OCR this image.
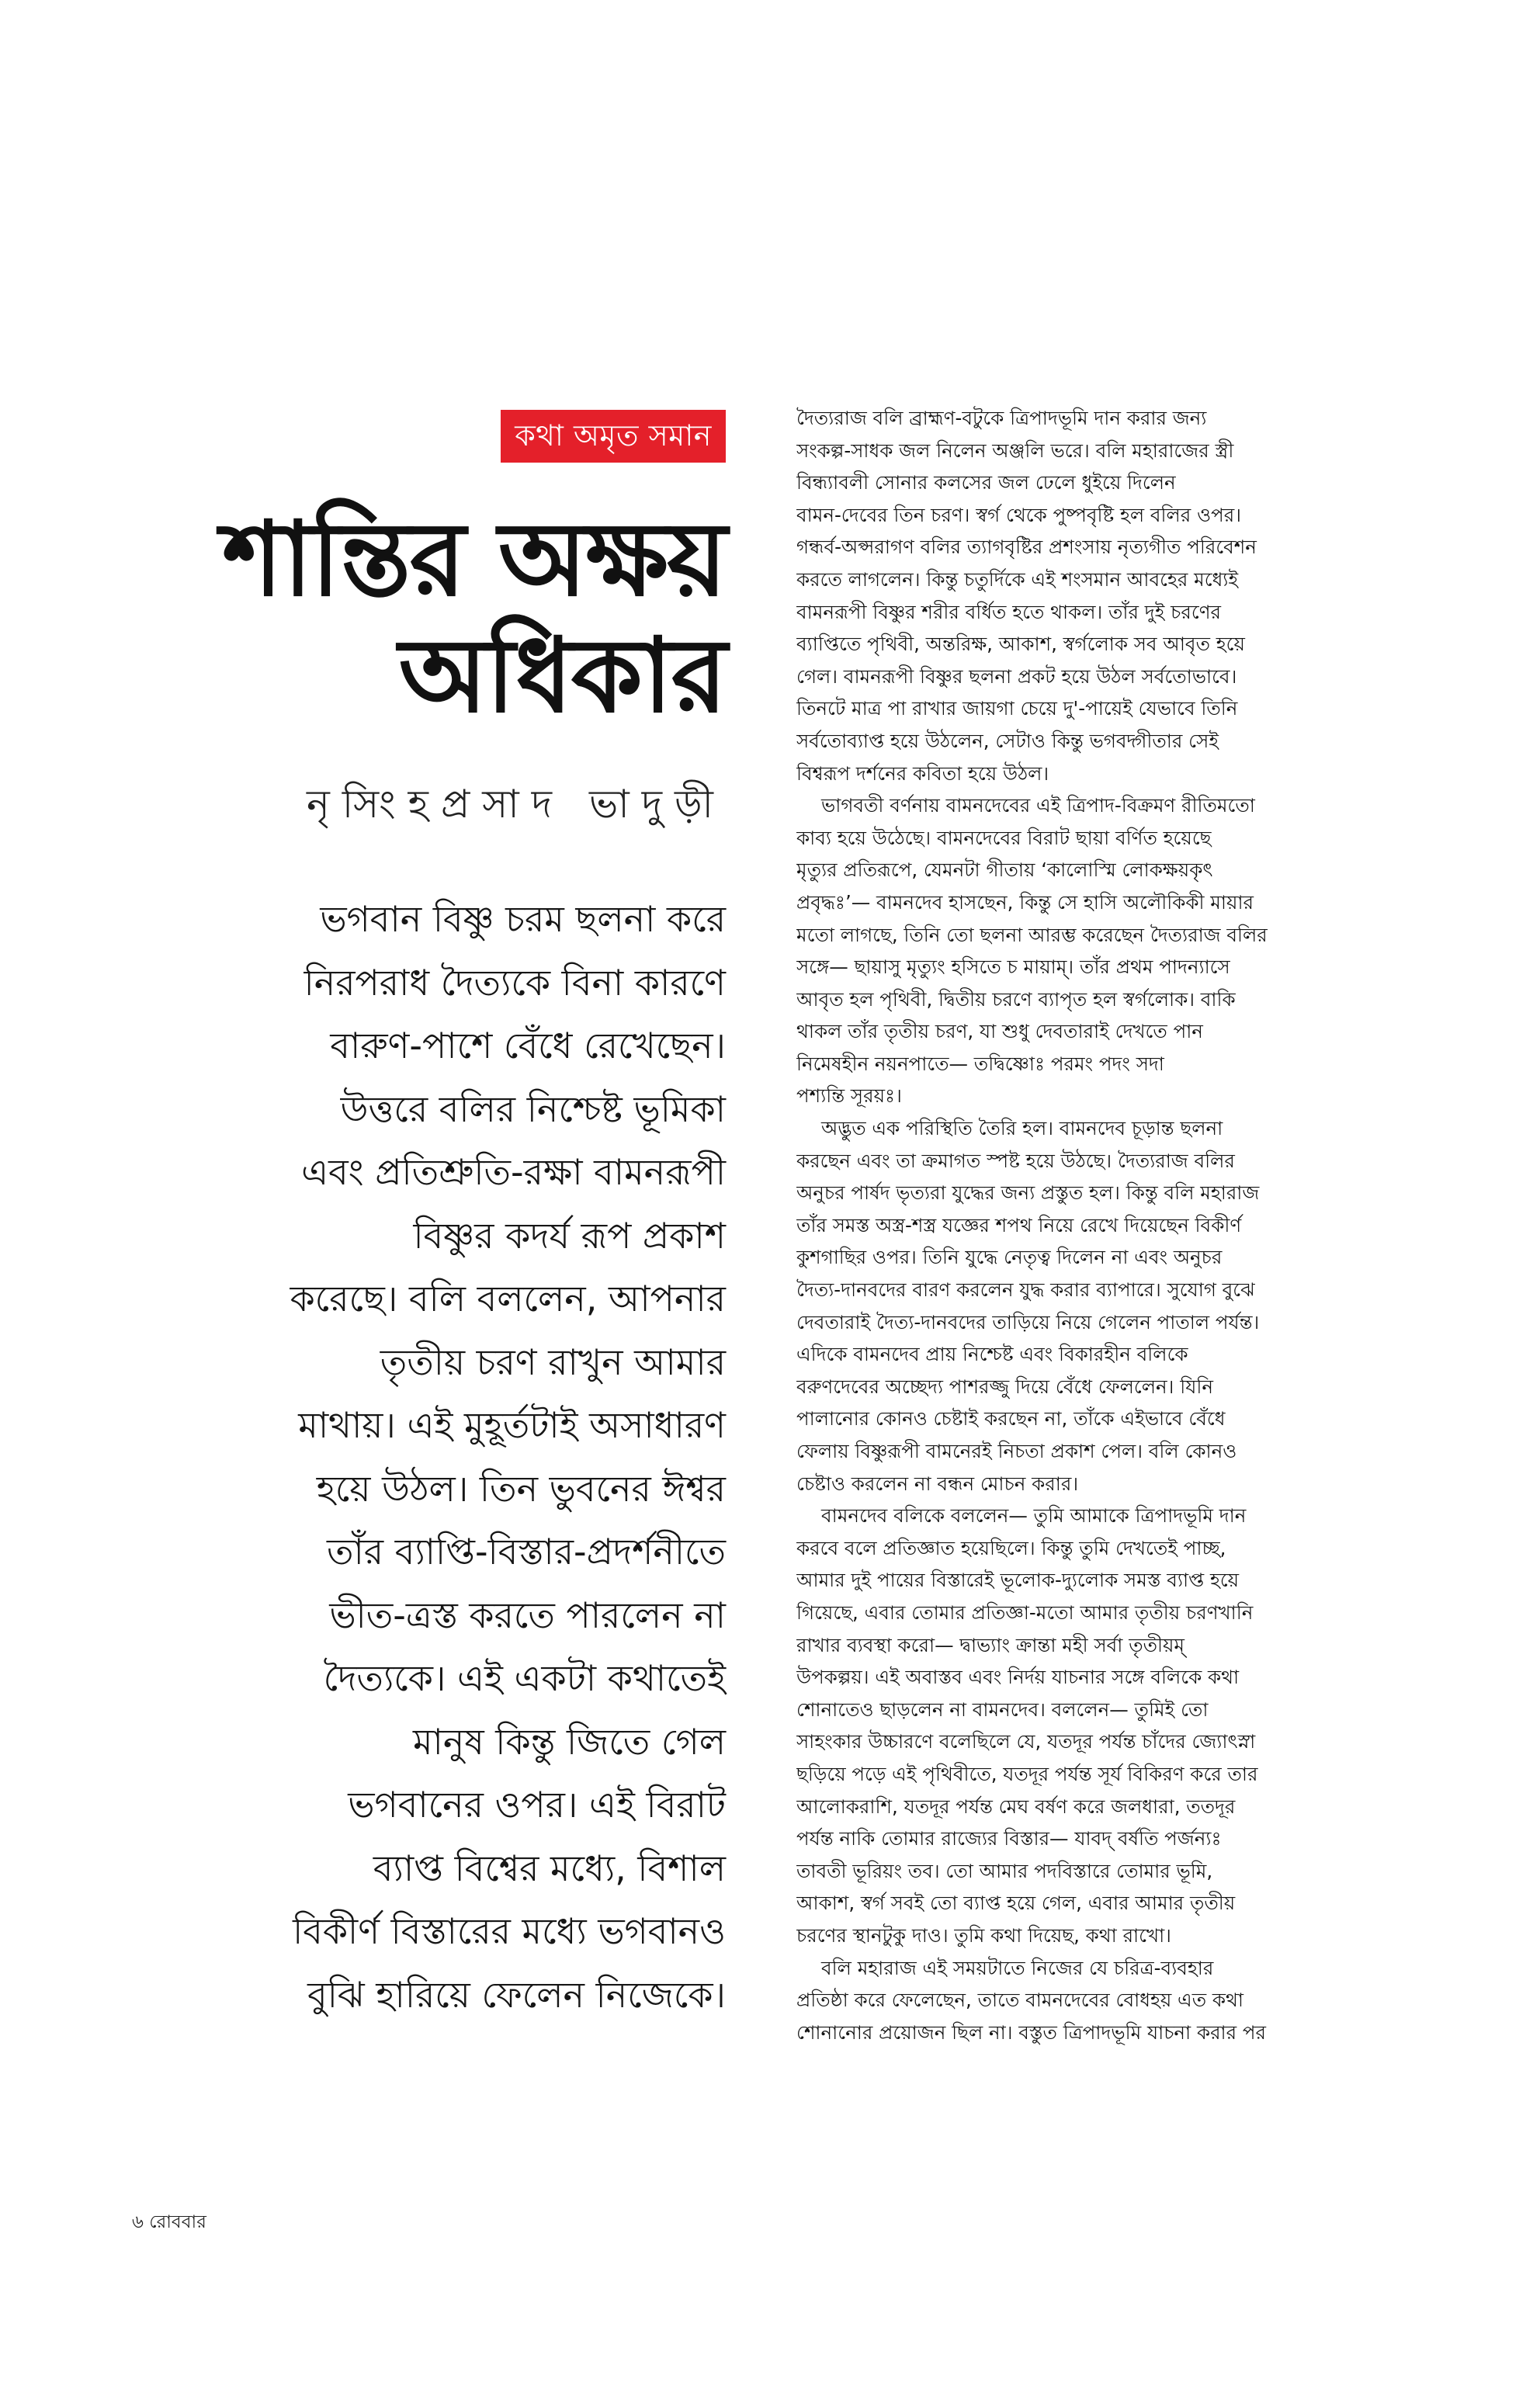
কথা অমৃত সমান
শান্তির অক্ষয়
অধিকার
নৃসিংহপ্রসাদ ভাদুড়ী
ভগবান বিষ্ণু চরম ছলনা করে
নিরপরাধ দৈত্যকে বিনা কারণে
বারুণ-পাশে বেঁধে রেখেছেন।
উত্তরে বলির নিশ্চেষ্ট ভূমিকা
এবং প্রতিশ্রুতি-রক্ষা বামনরূপী
বিষ্ণুর কদর্য রূপ প্রকাশ
করেছে। বলি বললেন, আপনার
তৃতীয় চরণ রাখুন আমার
মাথায়। এই মুহূর্তটাই অসাধারণ
হয়ে উঠল। তিন ভুবনের ঈশ্বর
তাঁর ব্যাপ্তি-বিস্তার-প্রদর্শনীতে
ভীত-ত্রস্ত করতে পারলেন না
দৈত্যকে। এই একটা কথাতেই
মানুষ কিন্তু জিতে গেল
ভগবানের ওপর। এই বিরাট
ব্যাপ্ত বিশ্বের মধ্যে, বিশাল
বিকীর্ণ বিস্তারের মধ্যে ভগবানও
বুঝি হারিয়ে ফেলেন নিজেকে।
দৈত্যরাজ বলি ব্রাহ্মণ-বটুকে ত্রিপাদভূমি দান করার জন্য
সংকল্প-সাধক জল নিলেন অঞ্জলি ভরে। বলি মহারাজের স্ত্রী
বিন্ধ্যাবলী সোনার কলসের জল ঢেলে ধুইয়ে দিলেন
বামন-দেবের তিন চরণ। স্বর্গ থেকে পুষ্পবৃষ্টি হল বলির ওপর।
গন্ধর্ব-অপ্সরাগণ বলির ত্যাগবৃষ্টির প্রশংসায় নৃত্যগীত পরিবেশন
করতে লাগলেন। কিন্তু চতুর্দিকে এই শংসমান আবহের মধ্যেই
বামনরূপী বিষ্ণুর শরীর বর্ধিত হতে থাকল। তাঁর দুই চরণের
ব্যাপ্তিতে পৃথিবী, অন্তরিক্ষ, আকাশ, স্বর্গলোক সব আবৃত হয়ে
গেল। বামনরূপী বিষ্ণুর ছলনা প্রকট হয়ে উঠল সর্বতোভাবে।
তিনটে মাত্র পা রাখার জায়গা চেয়ে দু'-পায়েই যেভাবে তিনি
সর্বতোব্যাপ্ত হয়ে উঠলেন, সেটাও কিন্তু ভগবদ্গীতার সেই
বিশ্বরূপ দর্শনের কবিতা হয়ে উঠল।
ভাগবতী বর্ণনায় বামনদেবের এই ত্রিপাদ-বিক্রমণ রীতিমতো
কাব্য হয়ে উঠেছে। বামনদেবের বিরাট ছায়া বর্ণিত হয়েছে
মৃত্যুর প্রতিরূপে, যেমনটা গীতায় ‘কালোস্মি লোকক্ষয়কৃৎ
প্রবৃদ্ধঃ’— বামনদেব হাসছেন, কিন্তু সে হাসি অলৌকিকী মায়ার
মতো লাগছে, তিনি তো ছলনা আরম্ভ করেছেন দৈত্যরাজ বলির
সঙ্গে— ছায়াসু মৃত্যুং হসিতে চ মায়াম্। তাঁর প্রথম পাদন্যাসে
আবৃত হল পৃথিবী, দ্বিতীয় চরণে ব্যাপৃত হল স্বর্গলোক। বাকি
থাকল তাঁর তৃতীয় চরণ, যা শুধু দেবতারাই দেখতে পান
নিমেষহীন নয়নপাতে— তদ্বিষ্ণোঃ পরমং পদং সদা
পশ্যন্তি সূরয়ঃ।
অদ্ভুত এক পরিস্থিতি তৈরি হল। বামনদেব চূড়ান্ত ছলনা
করছেন এবং তা ক্রমাগত স্পষ্ট হয়ে উঠছে। দৈত্যরাজ বলির
অনুচর পার্ষদ ভৃত্যরা যুদ্ধের জন্য প্রস্তুত হল। কিন্তু বলি মহারাজ
তাঁর সমস্ত অস্ত্র-শস্ত্র যজ্ঞের শপথ নিয়ে রেখে দিয়েছেন বিকীর্ণ
কুশগাছির ওপর। তিনি যুদ্ধে নেতৃত্ব দিলেন না এবং অনুচর
দৈত্য-দানবদের বারণ করলেন যুদ্ধ করার ব্যাপারে। সুযোগ বুঝে
দেবতারাই দৈত্য-দানবদের তাড়িয়ে নিয়ে গেলেন পাতাল পর্যন্ত।
এদিকে বামনদেব প্রায় নিশ্চেষ্ট এবং বিকারহীন বলিকে
বরুণদেবের অচ্ছেদ্য পাশরজ্জু দিয়ে বেঁধে ফেললেন। যিনি
পালানোর কোনও চেষ্টাই করছেন না, তাঁকে এইভাবে বেঁধে
ফেলায় বিষ্ণুরূপী বামনেরই নিচতা প্রকাশ পেল। বলি কোনও
চেষ্টাও করলেন না বন্ধন মোচন করার।
বামনদেব বলিকে বললেন— তুমি আমাকে ত্রিপাদভূমি দান
করবে বলে প্রতিজ্ঞাত হয়েছিলে। কিন্তু তুমি দেখতেই পাচ্ছ,
আমার দুই পায়ের বিস্তারেই ভূলোক-দ্যুলোক সমস্ত ব্যাপ্ত হয়ে
গিয়েছে, এবার তোমার প্রতিজ্ঞা-মতো আমার তৃতীয় চরণখানি
রাখার ব্যবস্থা করো— দ্বাভ্যাং ক্রান্তা মহী সর্বা তৃতীয়ম্
উপকল্পয়। এই অবাস্তব এবং নির্দয় যাচনার সঙ্গে বলিকে কথা
শোনাতেও ছাড়লেন না বামনদেব। বললেন— তুমিই তো
সাহংকার উচ্চারণে বলেছিলে যে, যতদূর পর্যন্ত চাঁদের জ্যোৎস্না
ছড়িয়ে পড়ে এই পৃথিবীতে, যতদূর পর্যন্ত সূর্য বিকিরণ করে তার
আলোকরাশি, যতদূর পর্যন্ত মেঘ বর্ষণ করে জলধারা, ততদূর
পর্যন্ত নাকি তোমার রাজ্যের বিস্তার— যাবদ্ বর্ষতি পর্জন্যঃ
তাবতী ভূরিয়ং তব। তো আমার পদবিস্তারে তোমার ভূমি,
আকাশ, স্বর্গ সবই তো ব্যাপ্ত হয়ে গেল, এবার আমার তৃতীয়
চরণের স্থানটুকু দাও। তুমি কথা দিয়েছ, কথা রাখো।
বলি মহারাজ এই সময়টাতে নিজের যে চরিত্র-ব্যবহার
প্রতিষ্ঠা করে ফেলেছেন, তাতে বামনদেবের বোধহয় এত কথা
শোনানোর প্রয়োজন ছিল না। বস্তুত ত্রিপাদভূমি যাচনা করার পর
৬ রোববার
